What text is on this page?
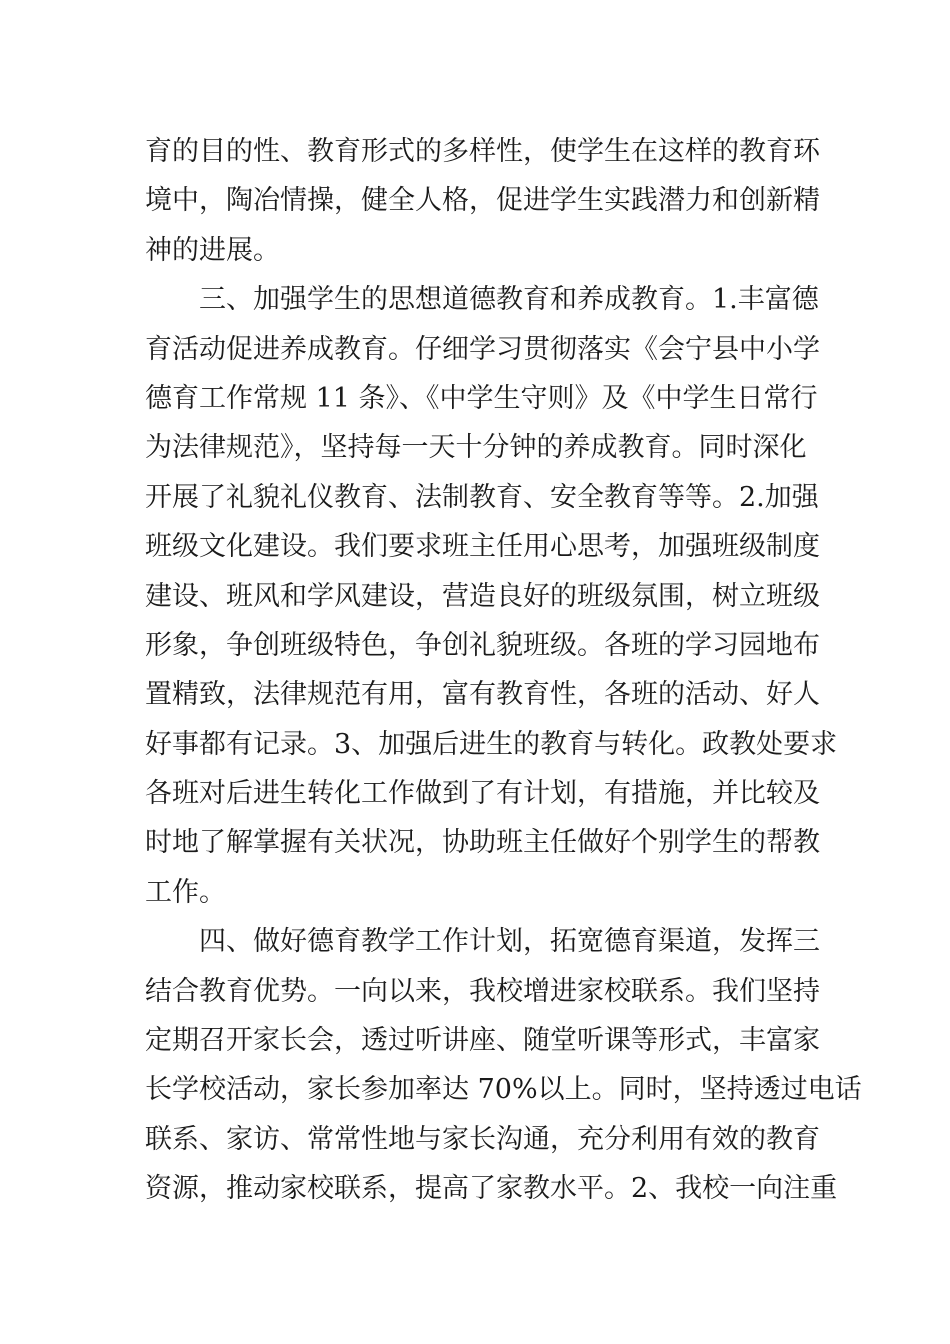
育的目的性、教育形式的多样性，使学生在这样的教育环
境中，陶冶情操，健全人格，促进学生实践潜力和创新精
神的进展。
　　三、加强学生的思想道德教育和养成教育。1.丰富德
育活动促进养成教育。仔细学习贯彻落实《会宁县中小学
德育工作常规 11 条》、《中学生守则》及《中学生日常行
为法律规范》，坚持每一天十分钟的养成教育。同时深化
开展了礼貌礼仪教育、法制教育、安全教育等等。2.加强
班级文化建设。我们要求班主任用心思考，加强班级制度
建设、班风和学风建设，营造良好的班级氛围，树立班级
形象，争创班级特色，争创礼貌班级。各班的学习园地布
置精致，法律规范有用，富有教育性，各班的活动、好人
好事都有记录。3、加强后进生的教育与转化。政教处要求
各班对后进生转化工作做到了有计划，有措施，并比较及
时地了解掌握有关状况，协助班主任做好个别学生的帮教
工作。
　　四、做好德育教学工作计划，拓宽德育渠道，发挥三
结合教育优势。一向以来，我校增进家校联系。我们坚持
定期召开家长会，透过听讲座、随堂听课等形式，丰富家
长学校活动，家长参加率达 70%以上。同时，坚持透过电话
联系、家访、常常性地与家长沟通，充分利用有效的教育
资源，推动家校联系，提高了家教水平。2、我校一向注重
